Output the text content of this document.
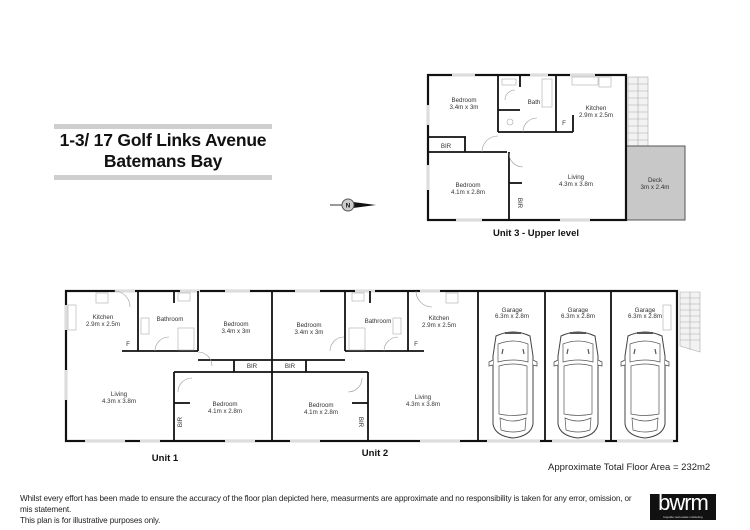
1-3/ 17 Golf Links Avenue
Batemans Bay
N
Bedroom
3.4m x 3m
Bath
Kitchen
2.9m x 2.5m
BIR
Bedroom
4.1m x 2.8m
Living
4.3m x 3.8m
Deck
3m x 2.4m
BIR
F
Unit 3 - Upper level
Kitchen
2.9m x 2.5m
Bathroom
Bedroom
3.4m x 3m
BIR
Living
4.3m x 3.8m	Bedroom
4.1m x 2.8m
BIR
F
Bedroom
3.4m x 3m
Bathroom	Kitchen
2.9m x 2.5m
BIR
Bedroom
4.1m x 2.8m
Living
4.3m x 3.8m
BIR
F
Garage
6.3m x 2.8m
Garage
6.3m x 2.8m
Garage
6.3m x 2.8m
Unit 1	Unit 2
Approximate Total Floor Area = 232m2
Whilst every effort has been made to ensure the accuracy of the floor plan depicted here, measurments are approximate and no responsibility is taken for any error, omission, or mis statement.
This plan is for illustrative purposes only.
bwrm
bayside real estate marketing
